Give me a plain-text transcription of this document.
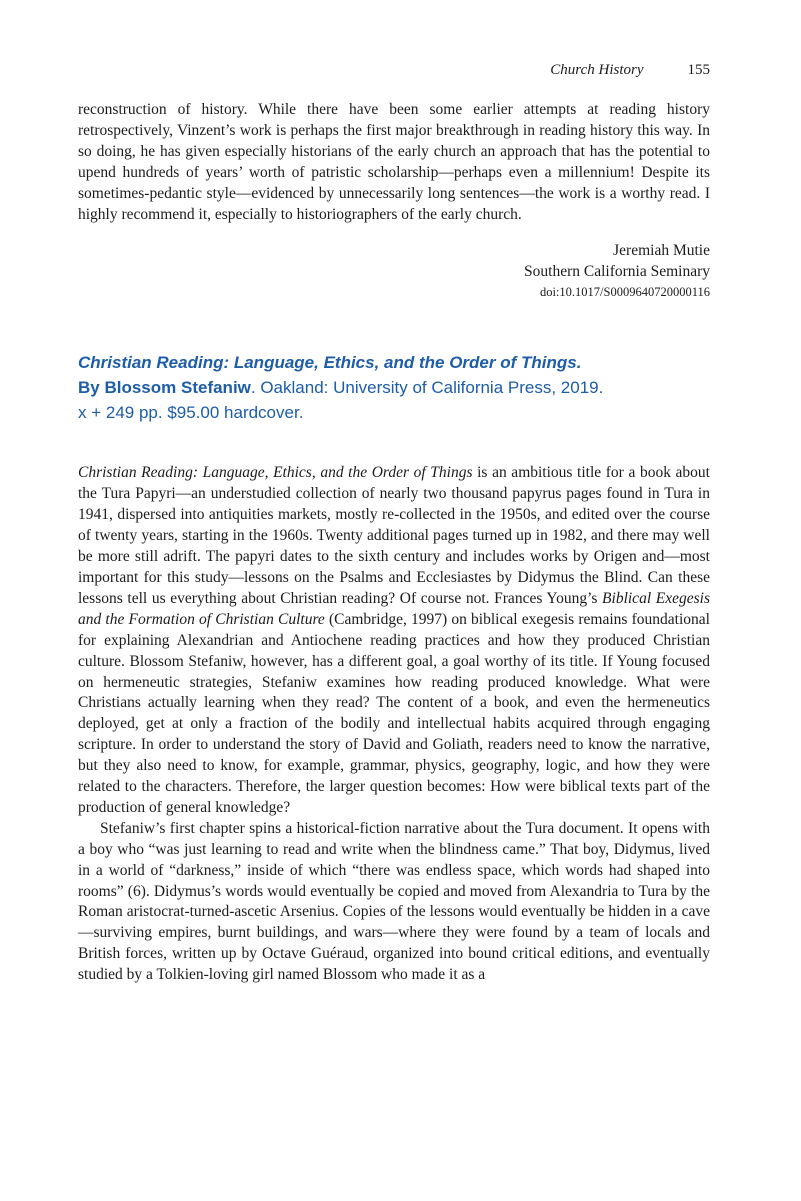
Church History	155

reconstruction of history. While there have been some earlier attempts at reading history retrospectively, Vinzent’s work is perhaps the first major breakthrough in reading history this way. In so doing, he has given especially historians of the early church an approach that has the potential to upend hundreds of years’ worth of patristic scholarship—perhaps even a millennium! Despite its sometimes-pedantic style—evidenced by unnecessarily long sentences—the work is a worthy read. I highly recommend it, especially to historiographers of the early church.

Jeremiah Mutie
Southern California Seminary
doi:10.1017/S0009640720000116
Christian Reading: Language, Ethics, and the Order of Things.
By Blossom Stefaniw. Oakland: University of California Press, 2019.
x + 249 pp. $95.00 hardcover.

Christian Reading: Language, Ethics, and the Order of Things is an ambitious title for a book about the Tura Papyri—an understudied collection of nearly two thousand papyrus pages found in Tura in 1941, dispersed into antiquities markets, mostly re-collected in the 1950s, and edited over the course of twenty years, starting in the 1960s. Twenty additional pages turned up in 1982, and there may well be more still adrift. The papyri dates to the sixth century and includes works by Origen and—most important for this study—lessons on the Psalms and Ecclesiastes by Didymus the Blind. Can these lessons tell us everything about Christian reading? Of course not. Frances Young’s Biblical Exegesis and the Formation of Christian Culture (Cambridge, 1997) on biblical exegesis remains foundational for explaining Alexandrian and Antiochene reading practices and how they produced Christian culture. Blossom Stefaniw, however, has a different goal, a goal worthy of its title. If Young focused on hermeneutic strategies, Stefaniw examines how reading produced knowledge. What were Christians actually learning when they read? The content of a book, and even the hermeneutics deployed, get at only a fraction of the bodily and intellectual habits acquired through engaging scripture. In order to understand the story of David and Goliath, readers need to know the narrative, but they also need to know, for example, grammar, physics, geography, logic, and how they were related to the characters. Therefore, the larger question becomes: How were biblical texts part of the production of general knowledge?

Stefaniw’s first chapter spins a historical-fiction narrative about the Tura document. It opens with a boy who “was just learning to read and write when the blindness came.” That boy, Didymus, lived in a world of “darkness,” inside of which “there was endless space, which words had shaped into rooms” (6). Didymus’s words would eventually be copied and moved from Alexandria to Tura by the Roman aristocrat-turned-ascetic Arsenius. Copies of the lessons would eventually be hidden in a cave—surviving empires, burnt buildings, and wars—where they were found by a team of locals and British forces, written up by Octave Guéraud, organized into bound critical editions, and eventually studied by a Tolkien-loving girl named Blossom who made it as a
